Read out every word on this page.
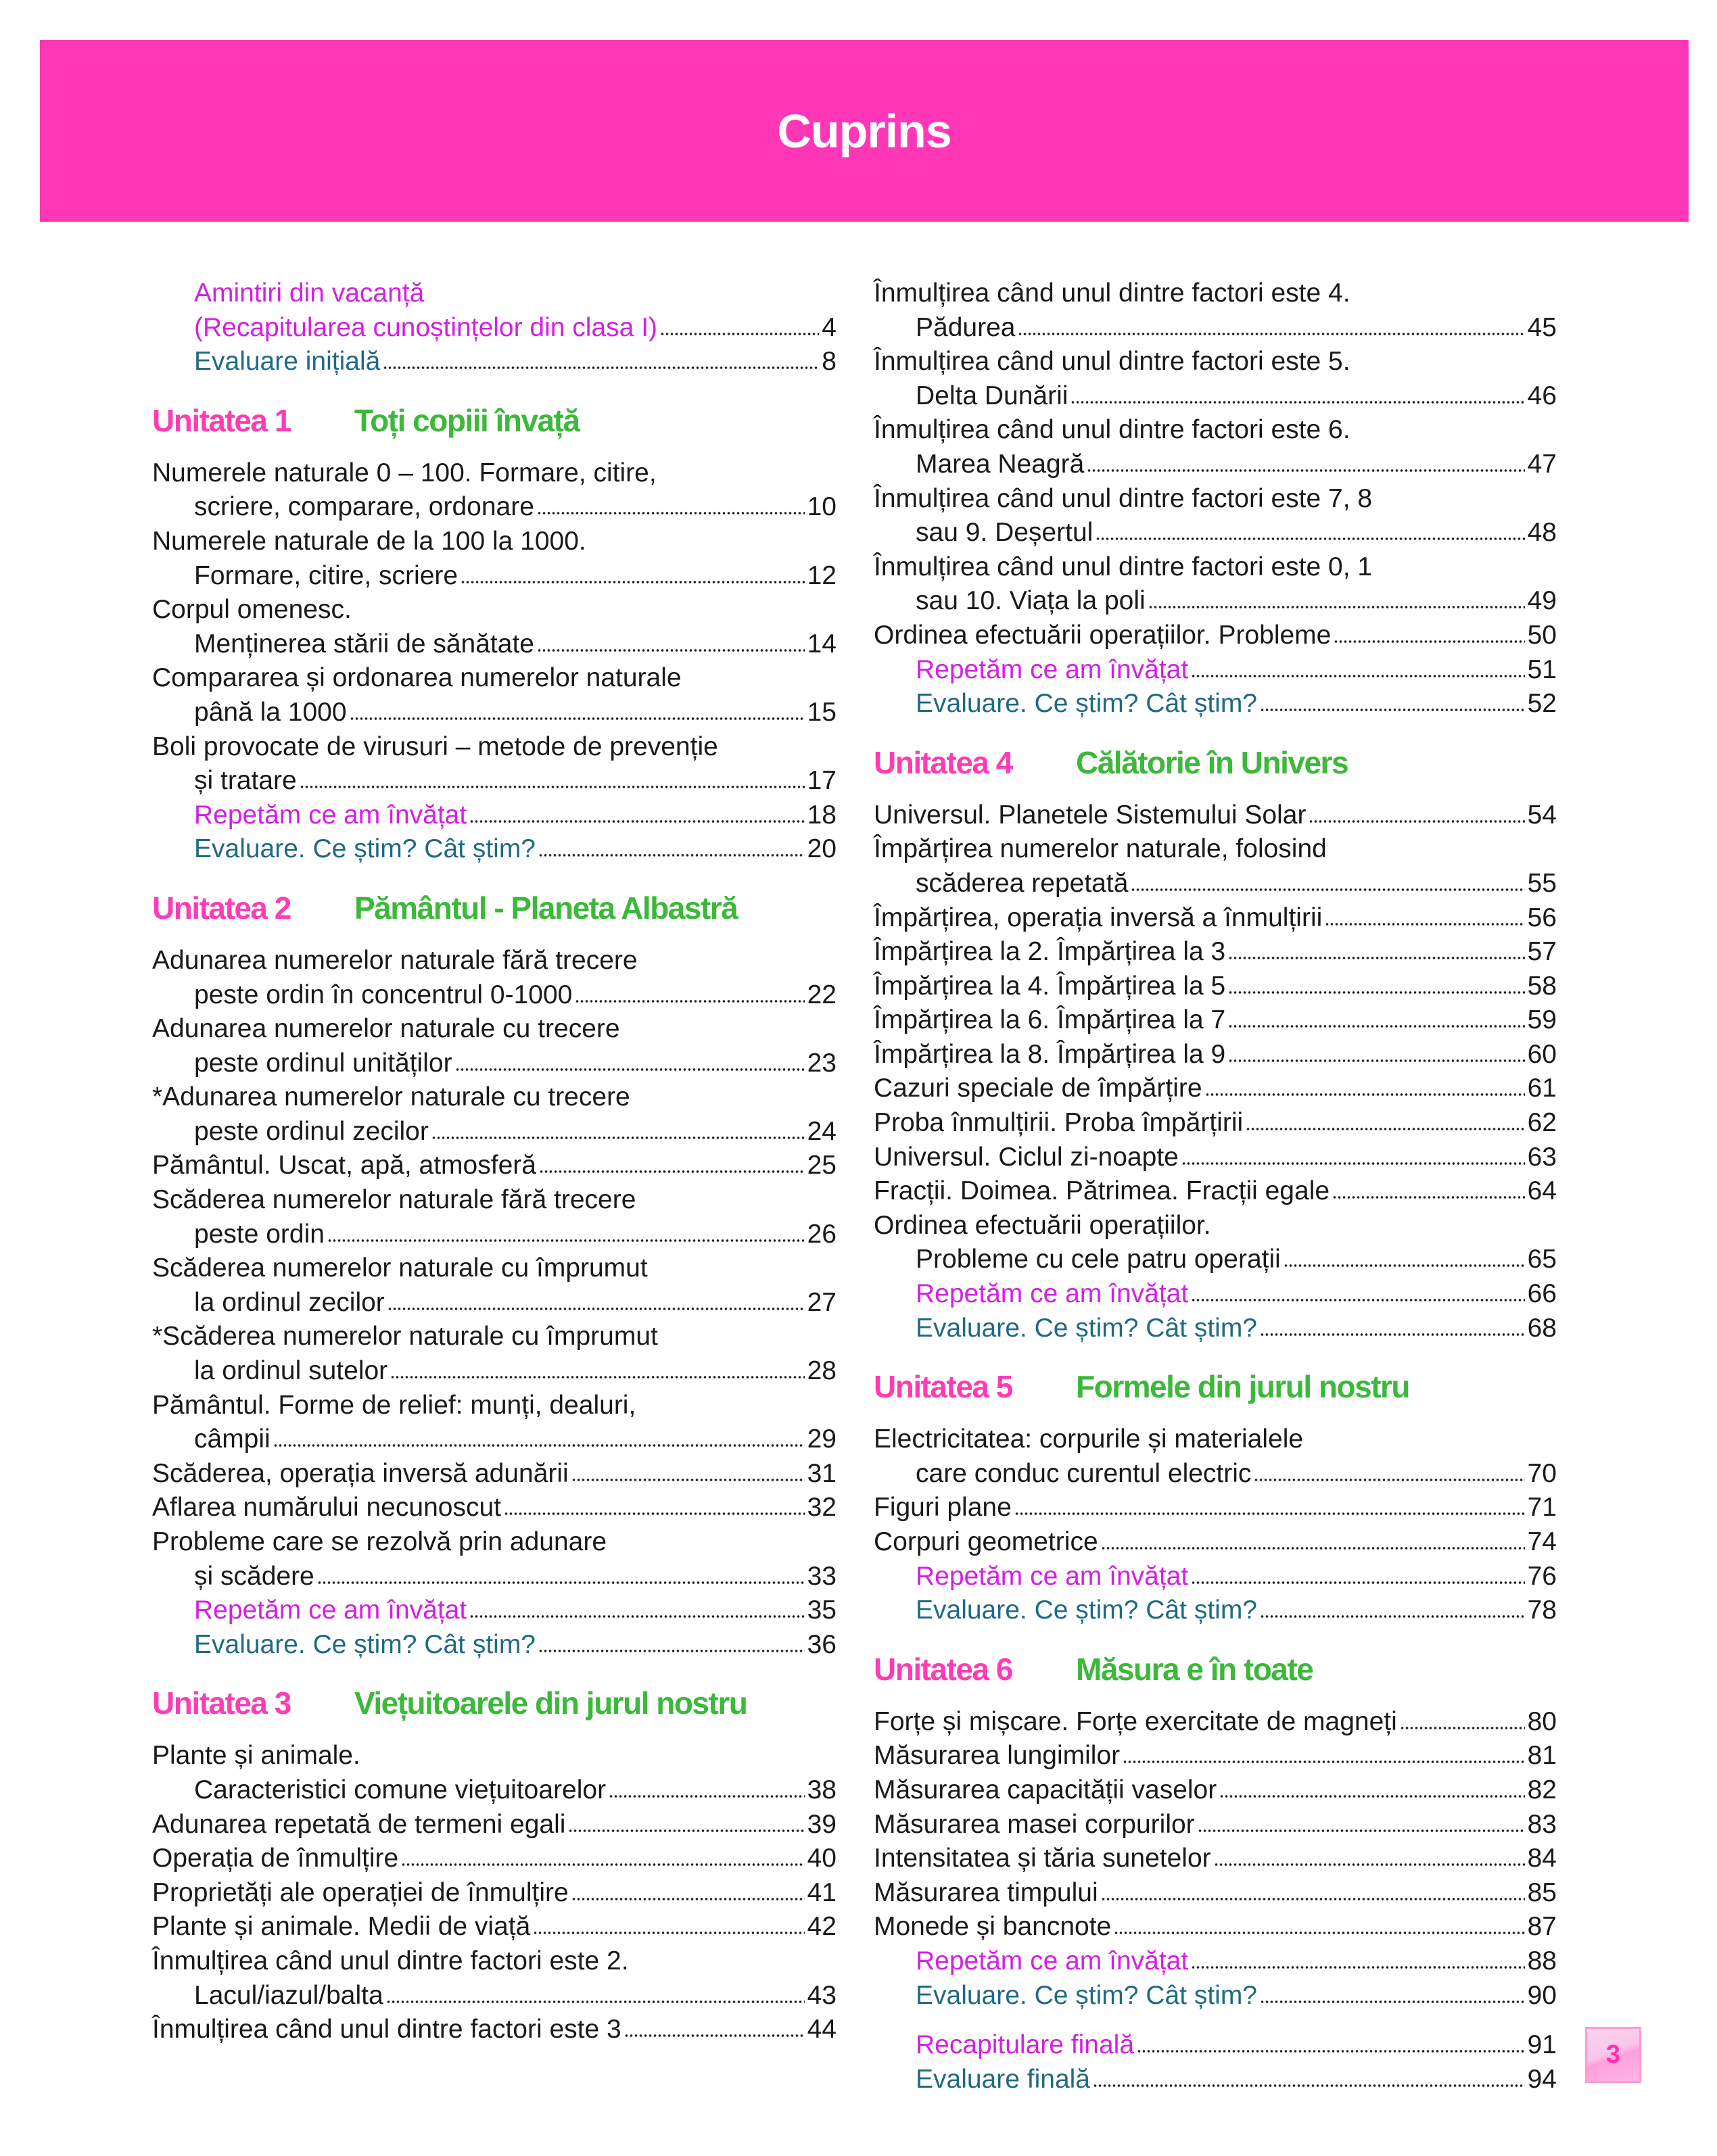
Cuprins
Amintiri din vacanță
(Recapitularea cunoștințelor din clasa I)	4
Evaluare inițială	8
Unitatea 1	Toți copiii învață
Numerele naturale 0 – 100. Formare, citire,
scriere, comparare, ordonare	10
Numerele naturale de la 100 la 1000.
Formare, citire, scriere	12
Corpul omenesc.
Menținerea stării de sănătate	14
Compararea și ordonarea numerelor naturale
până la 1000	15
Boli provocate de virusuri – metode de prevenție
și tratare	17
Repetăm ce am învățat	18
Evaluare. Ce știm? Cât știm?	20
Unitatea 2	Pământul - Planeta Albastră
Adunarea numerelor naturale fără trecere
peste ordin în concentrul 0-1000	22
Adunarea numerelor naturale cu trecere
peste ordinul unităților	23
*Adunarea numerelor naturale cu trecere
peste ordinul zecilor	24
Pământul. Uscat, apă, atmosferă	25
Scăderea numerelor naturale fără trecere
peste ordin	26
Scăderea numerelor naturale cu împrumut
la ordinul zecilor	27
*Scăderea numerelor naturale cu împrumut
la ordinul sutelor	28
Pământul. Forme de relief: munți, dealuri,
câmpii	29
Scăderea, operația inversă adunării	31
Aflarea numărului necunoscut	32
Probleme care se rezolvă prin adunare
și scădere	33
Repetăm ce am învățat	35
Evaluare. Ce știm? Cât știm?	36
Unitatea 3	Viețuitoarele din jurul nostru
Plante și animale.
Caracteristici comune viețuitoarelor	38
Adunarea repetată de termeni egali	39
Operația de înmulțire	40
Proprietăți ale operației de înmulțire	41
Plante și animale. Medii de viață	42
Înmulțirea când unul dintre factori este 2.
Lacul/iazul/balta	43
Înmulțirea când unul dintre factori este 3	44
Înmulțirea când unul dintre factori este 4.
Pădurea	45
Înmulțirea când unul dintre factori este 5.
Delta Dunării	46
Înmulțirea când unul dintre factori este 6.
Marea Neagră	47
Înmulțirea când unul dintre factori este 7, 8
sau 9. Deșertul	48
Înmulțirea când unul dintre factori este 0, 1
sau 10. Viața la poli	49
Ordinea efectuării operațiilor. Probleme	50
Repetăm ce am învățat	51
Evaluare. Ce știm? Cât știm?	52
Unitatea 4	Călătorie în Univers
Universul. Planetele Sistemului Solar	54
Împărțirea numerelor naturale, folosind
scăderea repetată	55
Împărțirea, operația inversă a înmulțirii	56
Împărțirea la 2. Împărțirea la 3	57
Împărțirea la 4. Împărțirea la 5	58
Împărțirea la 6. Împărțirea la 7	59
Împărțirea la 8. Împărțirea la 9	60
Cazuri speciale de împărțire	61
Proba înmulțirii. Proba împărțirii	62
Universul. Ciclul zi-noapte	63
Fracții. Doimea. Pătrimea. Fracții egale	64
Ordinea efectuării operațiilor.
Probleme cu cele patru operații	65
Repetăm ce am învățat	66
Evaluare. Ce știm? Cât știm?	68
Unitatea 5	Formele din jurul nostru
Electricitatea: corpurile și materialele
care conduc curentul electric	70
Figuri plane	71
Corpuri geometrice	74
Repetăm ce am învățat	76
Evaluare. Ce știm? Cât știm?	78
Unitatea 6	Măsura e în toate
Forțe și mișcare. Forțe exercitate de magneți	80
Măsurarea lungimilor	81
Măsurarea capacității vaselor	82
Măsurarea masei corpurilor	83
Intensitatea și tăria sunetelor	84
Măsurarea timpului	85
Monede și bancnote	87
Repetăm ce am învățat	88
Evaluare. Ce știm? Cât știm?	90
Recapitulare finală	91
Evaluare finală	94
3
